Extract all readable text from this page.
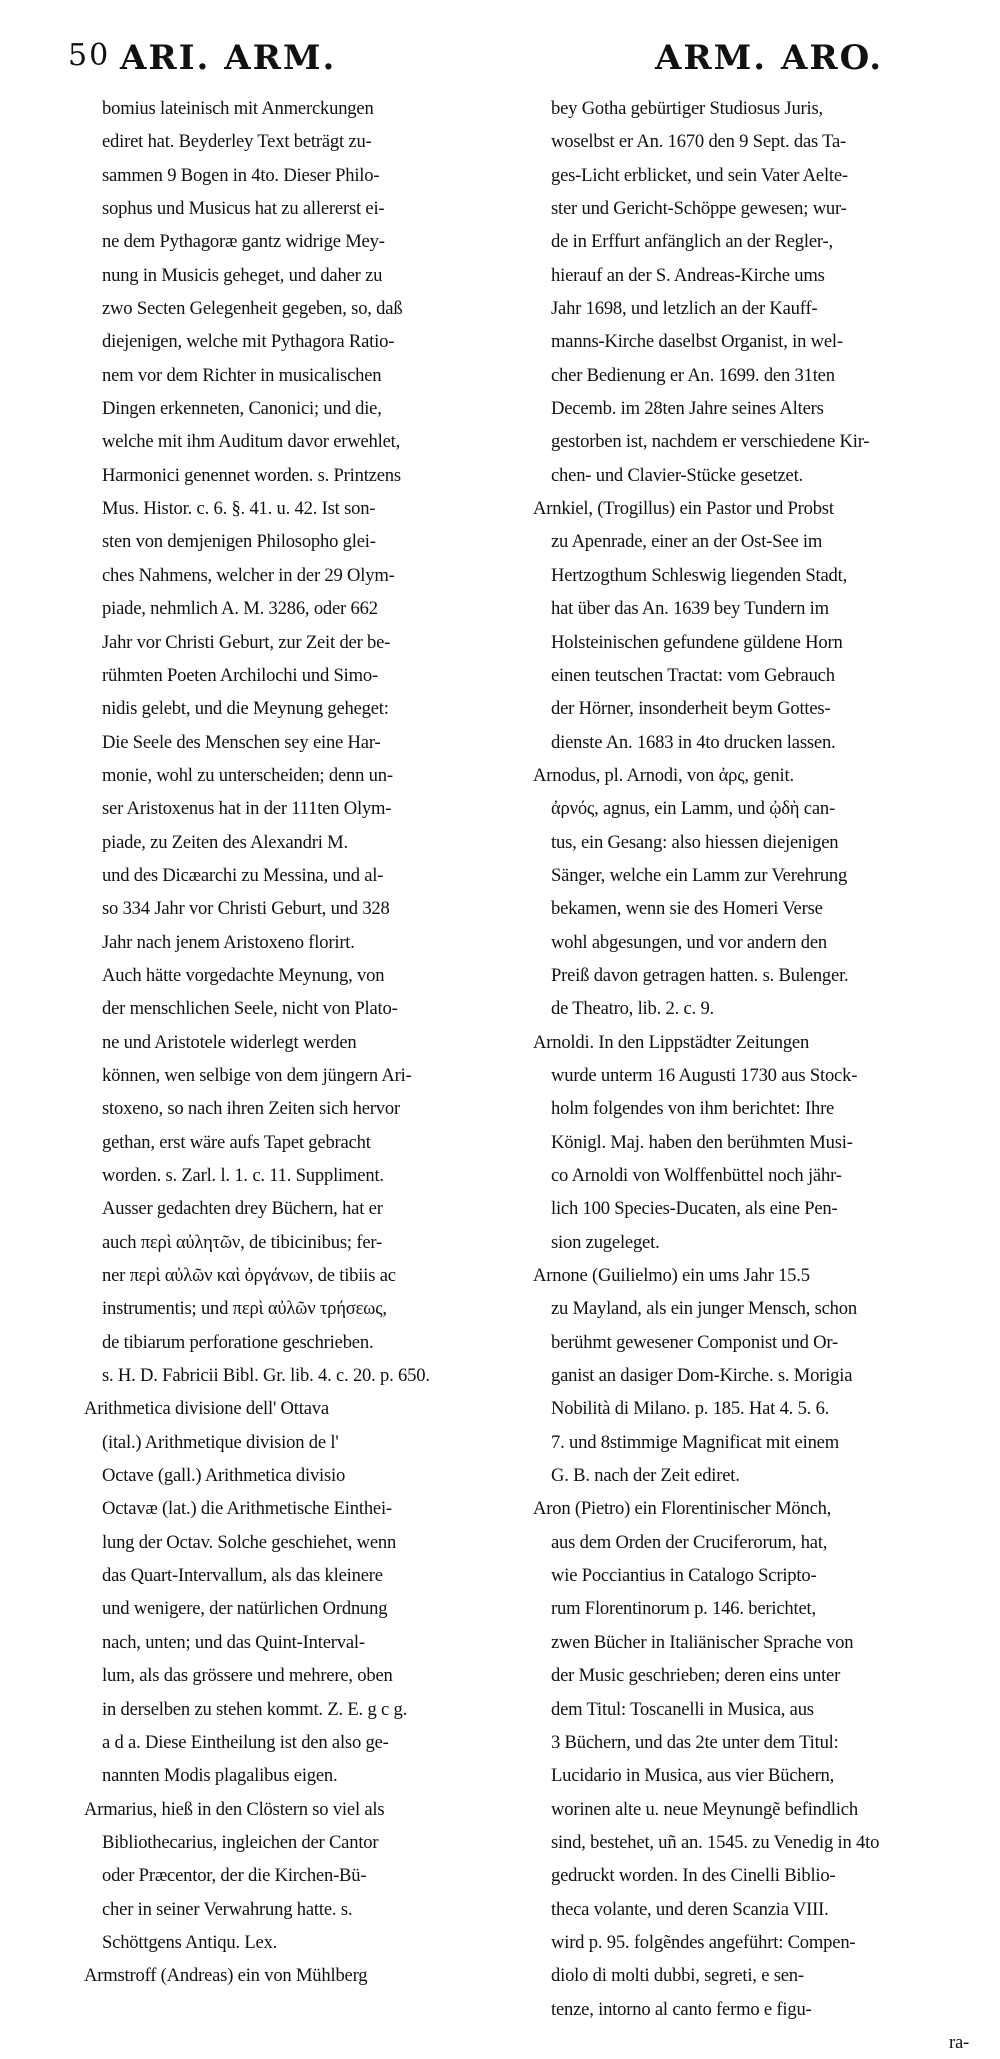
50 ARI. ARM.	ARM. ARO.
bomius lateinisch mit Anmerckungen
ediret hat. Beyderley Text beträgt zu-
sammen 9 Bogen in 4to. Dieser Philo-
sophus und Musicus hat zu allererst ei-
ne dem Pythagoræ gantz widrige Mey-
nung in Musicis geheget, und daher zu
zwo Secten Gelegenheit gegeben, so, daß
diejenigen, welche mit Pythagora Ratio-
nem vor dem Richter in musicalischen
Dingen erkenneten, Canonici; und die,
welche mit ihm Auditum davor erwehlet,
Harmonici genennet worden. s. Printzens
Mus. Histor. c. 6. §. 41. u. 42. Ist son-
sten von demjenigen Philosopho glei-
ches Nahmens, welcher in der 29 Olym-
piade, nehmlich A. M. 3286, oder 662
Jahr vor Christi Geburt, zur Zeit der be-
rühmten Poeten Archilochi und Simo-
nidis gelebt, und die Meynung geheget:
Die Seele des Menschen sey eine Har-
monie, wohl zu unterscheiden; denn un-
ser Aristoxenus hat in der 111ten Olym-
piade, zu Zeiten des Alexandri M.
und des Dicæarchi zu Messina, und al-
so 334 Jahr vor Christi Geburt, und 328
Jahr nach jenem Aristoxeno florirt.
Auch hätte vorgedachte Meynung, von
der menschlichen Seele, nicht von Plato-
ne und Aristotele widerlegt werden
können, wen selbige von dem jüngern Ari-
stoxeno, so nach ihren Zeiten sich hervor
gethan, erst wäre aufs Tapet gebracht
worden. s. Zarl. l. 1. c. 11. Suppliment.
Ausser gedachten drey Büchern, hat er
auch περὶ αὐλητῶν, de tibicinibus; fer-
ner περὶ αὐλῶν καὶ ὀργάνων, de tibiis ac
instrumentis; und περὶ αὐλῶν τρήσεως,
de tibiarum perforatione geschrieben.
s. H. D. Fabricii Bibl. Gr. lib. 4. c. 20. p. 650.
Arithmetica divisione dell' Ottava
(ital.) Arithmetique division de l'
Octave (gall.) Arithmetica divisio
Octavæ (lat.) die Arithmetische Einthei-
lung der Octav. Solche geschiehet, wenn
das Quart-Intervallum, als das kleinere
und wenigere, der natürlichen Ordnung
nach, unten; und das Quint-Interval-
lum, als das grössere und mehrere, oben
in derselben zu stehen kommt. Z. E. g c g.
a d a. Diese Eintheilung ist den also ge-
nannten Modis plagalibus eigen.
Armarius, hieß in den Clöstern so viel als
Bibliothecarius, ingleichen der Cantor
oder Præcentor, der die Kirchen-Bü-
cher in seiner Verwahrung hatte. s.
Schöttgens Antiqu. Lex.
Armstroff (Andreas) ein von Mühlberg
bey Gotha gebürtiger Studiosus Juris,
woselbst er An. 1670 den 9 Sept. das Ta-
ges-Licht erblicket, und sein Vater Aelte-
ster und Gericht-Schöppe gewesen; wur-
de in Erffurt anfänglich an der Regler-,
hierauf an der S. Andreas-Kirche ums
Jahr 1698, und letzlich an der Kauff-
manns-Kirche daselbst Organist, in wel-
cher Bedienung er An. 1699. den 31ten
Decemb. im 28ten Jahre seines Alters
gestorben ist, nachdem er verschiedene Kir-
chen- und Clavier-Stücke gesetzet.
Arnkiel, (Trogillus) ein Pastor und Probst
zu Apenrade, einer an der Ost-See im
Hertzogthum Schleswig liegenden Stadt,
hat über das An. 1639 bey Tundern im
Holsteinischen gefundene güldene Horn
einen teutschen Tractat: vom Gebrauch
der Hörner, insonderheit beym Gottes-
dienste An. 1683 in 4to drucken lassen.
Arnodus, pl. Arnodi, von ἀρς, genit.
ἀρνός, agnus, ein Lamm, und ᾠδὴ can-
tus, ein Gesang: also hiessen diejenigen
Sänger, welche ein Lamm zur Verehrung
bekamen, wenn sie des Homeri Verse
wohl abgesungen, und vor andern den
Preiß davon getragen hatten. s. Bulenger.
de Theatro, lib. 2. c. 9.
Arnoldi. In den Lippstädter Zeitungen
wurde unterm 16 Augusti 1730 aus Stock-
holm folgendes von ihm berichtet: Ihre
Königl. Maj. haben den berühmten Musi-
co Arnoldi von Wolffenbüttel noch jähr-
lich 100 Species-Ducaten, als eine Pen-
sion zugeleget.
Arnone (Guilielmo) ein ums Jahr 15.5
zu Mayland, als ein junger Mensch, schon
berühmt gewesener Componist und Or-
ganist an dasiger Dom-Kirche. s. Morigia
Nobilità di Milano. p. 185. Hat 4. 5. 6.
7. und 8stimmige Magnificat mit einem
G. B. nach der Zeit ediret.
Aron (Pietro) ein Florentinischer Mönch,
aus dem Orden der Cruciferorum, hat,
wie Pocciantius in Catalogo Scripto-
rum Florentinorum p. 146. berichtet,
zwen Bücher in Italiänischer Sprache von
der Music geschrieben; deren eins unter
dem Titul: Toscanelli in Musica, aus
3 Büchern, und das 2te unter dem Titul:
Lucidario in Musica, aus vier Büchern,
worinen alte u. neue Meynungẽ befindlich
sind, bestehet, uñ an. 1545. zu Venedig in 4to
gedruckt worden. In des Cinelli Biblio-
theca volante, und deren Scanzia VIII.
wird p. 95. folgẽndes angeführt: Compen-
diolo di molti dubbi, segreti, e sen-
tenze, intorno al canto fermo e figu-
ra-
